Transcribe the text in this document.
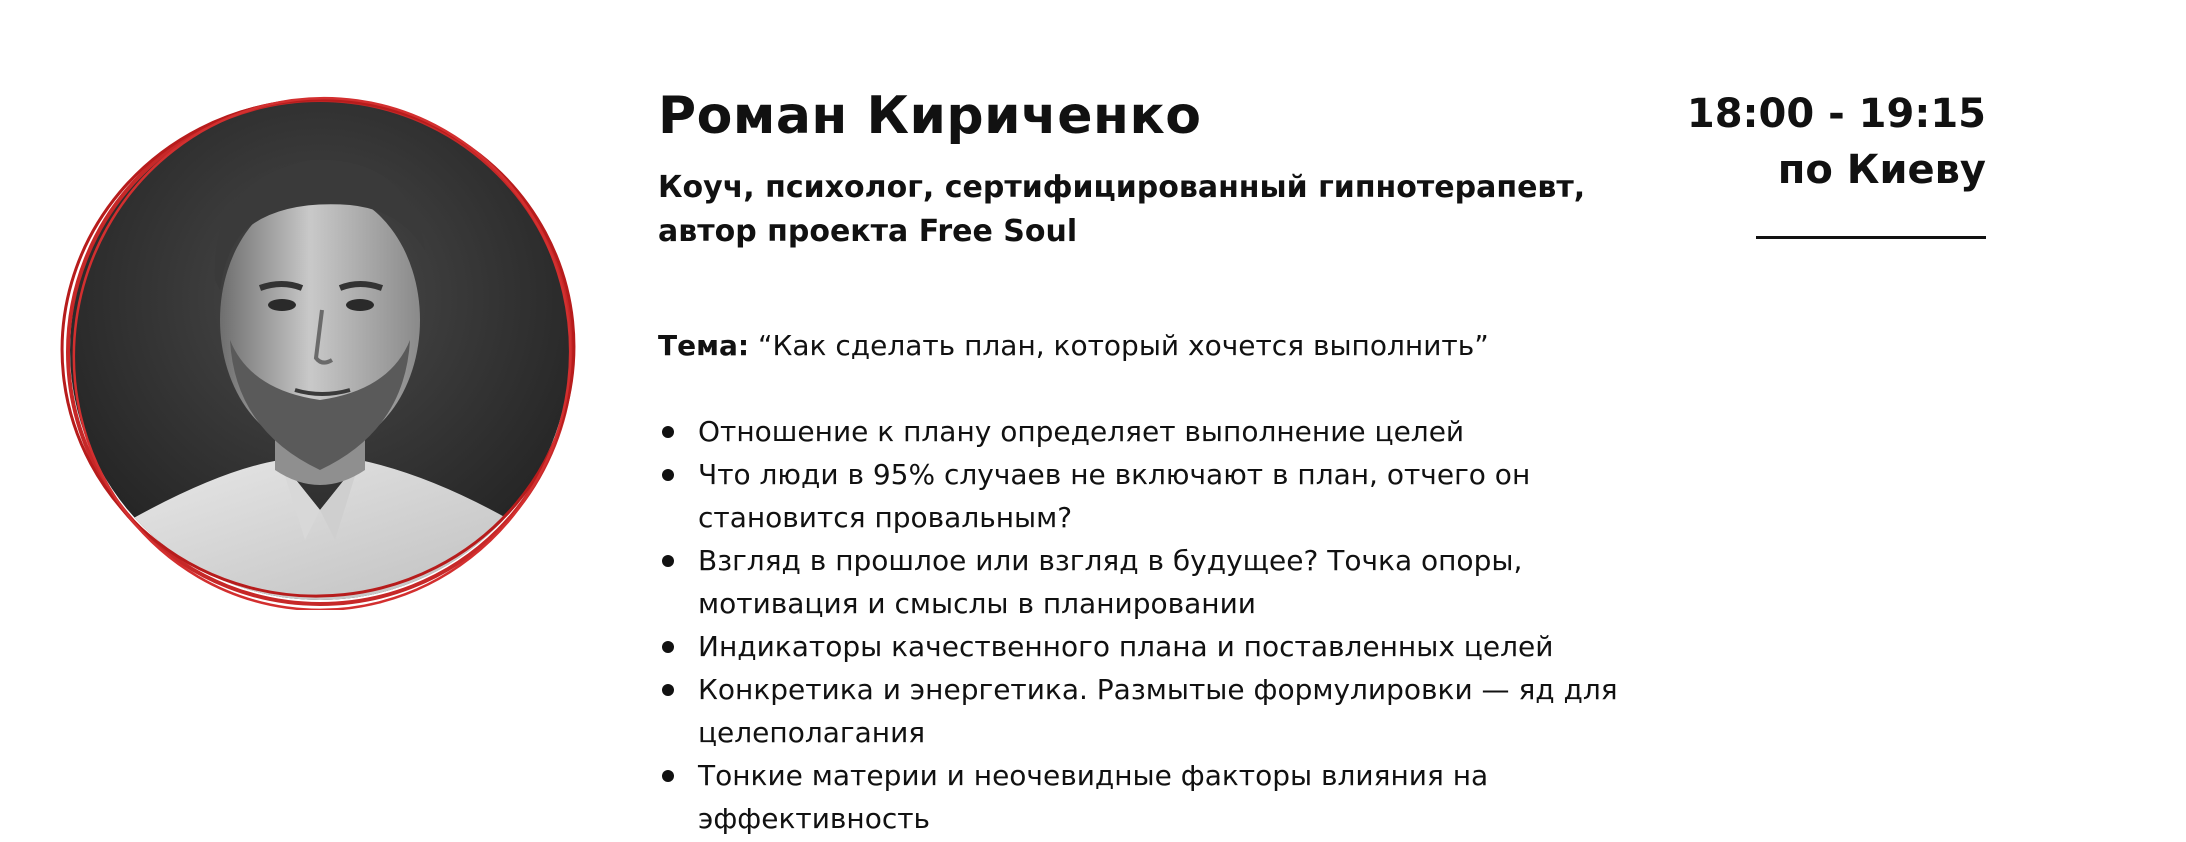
Роман Кириченко

Коуч, психолог, сертифицированный гипнотерапевт, автор проекта Free Soul

Тема: “Как сделать план, который хочется выполнить”

Отношение к плану определяет выполнение целей
Что люди в 95% случаев не включают в план, отчего он становится провальным?
Взгляд в прошлое или взгляд в будущее? Точка опоры, мотивация и смыслы в планировании
Индикаторы качественного плана и поставленных целей
Конкретика и энергетика. Размытые формулировки — яд для целеполагания
Тонкие материи и неочевидные факторы влияния на эффективность
18:00 - 19:15
по Киеву
